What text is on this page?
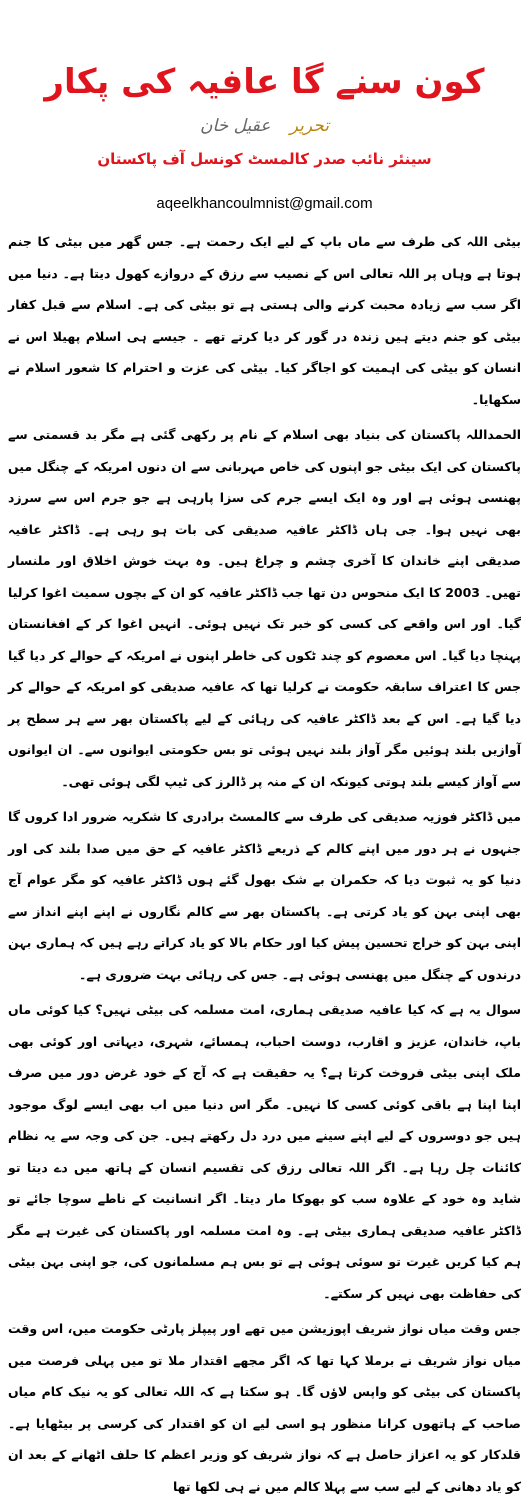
کون سنے گا عافیہ کی پکار
تحریر عقیل خان
سینئر نائب صدر کالمسٹ کونسل آف پاکستان
aqeelkhancoulmnist@gmail.com

بیٹی اللہ کی طرف سے ماں باپ کے لیے ایک رحمت ہے۔ جس گھر میں بیٹی کا جنم ہوتا ہے وہاں پر اللہ تعالی اس کے نصیب سے رزق کے دروازے کھول دیتا ہے۔ دنیا میں اگر سب سے زیادہ محبت کرنے والی ہستی ہے تو بیٹی کی ہے۔ اسلام سے قبل کفار بیٹی کو جنم دیتے ہیں زندہ در گور کر دیا کرتے تھے ۔ جیسے ہی اسلام پھیلا اس نے انسان کو بیٹی کی اہمیت کو اجاگر کیا۔ بیٹی کی عزت و احترام کا شعور اسلام نے سکھایا۔

الحمداللہ پاکستان کی بنیاد بھی اسلام کے نام پر رکھی گئی ہے مگر بد قسمتی سے پاکستان کی ایک بیٹی جو اپنوں کی خاص مہربانی سے ان دنوں امریکہ کے چنگل میں پھنسی ہوئی ہے اور وہ ایک ایسے جرم کی سزا پارہی ہے جو جرم اس سے سرزد بھی نہیں ہوا۔ جی ہاں ڈاکٹر عافیہ صدیقی کی بات ہو رہی ہے۔ ڈاکٹر عافیہ صدیقی اپنے خاندان کا آخری چشم و چراغ ہیں۔ وہ بہت خوش اخلاق اور ملنسار تھیں۔ 2003 کا ایک منحوس دن تھا جب ڈاکٹر عافیہ کو ان کے بچوں سمیت اغوا کرلیا گیا۔ اور اس واقعے کی کسی کو خبر تک نہیں ہوئی۔ انہیں اغوا کر کے افغانستان پہنچا دیا گیا۔ اس معصوم کو چند ٹکوں کی خاطر اپنوں نے امریکہ کے حوالے کر دیا گیا جس کا اعتراف سابقہ حکومت نے کرلیا تھا کہ عافیہ صدیقی کو امریکہ کے حوالے کر دیا گیا ہے۔ اس کے بعد ڈاکٹر عافیہ کی رہائی کے لیے پاکستان بھر سے ہر سطح پر آوازیں بلند ہوئیں مگر آواز بلند نہیں ہوئی تو بس حکومتی ایوانوں سے۔ ان ایوانوں سے آواز کیسے بلند ہوتی کیونکہ ان کے منہ پر ڈالرز کی ٹیپ لگی ہوئی تھی۔

میں ڈاکٹر فوزیہ صدیقی کی طرف سے کالمسٹ برادری کا شکریہ ضرور ادا کروں گا جنہوں نے ہر دور میں اپنے کالم کے ذریعے ڈاکٹر عافیہ کے حق میں صدا بلند کی اور دنیا کو یہ ثبوت دیا کہ حکمران بے شک بھول گئے ہوں ڈاکٹر عافیہ کو مگر عوام آج بھی اپنی بہن کو یاد کرتی ہے۔ پاکستان بھر سے کالم نگاروں نے اپنے اپنے انداز سے اپنی بہن کو خراج تحسین پیش کیا اور حکام بالا کو یاد کراتے رہے ہیں کہ ہماری بہن درندوں کے چنگل میں پھنسی ہوئی ہے۔ جس کی رہائی بہت ضروری ہے۔

سوال یہ ہے کہ کیا عافیہ صدیقی ہماری، امت مسلمہ کی بیٹی نہیں؟ کیا کوئی ماں باپ، خاندان، عزیز و اقارب، دوست احباب، ہمسائے، شہری، دیہاتی اور کوئی بھی ملک اپنی بیٹی فروخت کرتا ہے؟ یہ حقیقت ہے کہ آج کے خود غرض دور میں صرف اپنا اپنا ہے باقی کوئی کسی کا نہیں۔ مگر اس دنیا میں اب بھی ایسے لوگ موجود ہیں جو دوسروں کے لیے اپنے سینے میں درد دل رکھتے ہیں۔ جن کی وجہ سے یہ نظام کائنات چل رہا ہے۔ اگر اللہ تعالی رزق کی تقسیم انسان کے ہاتھ میں دے دیتا تو شاید وہ خود کے علاوہ سب کو بھوکا مار دیتا۔ اگر انسانیت کے ناطے سوچا جائے تو ڈاکٹر عافیہ صدیقی ہماری بیٹی ہے۔ وہ امت مسلمہ اور پاکستان کی غیرت ہے مگر ہم کیا کریں غیرت تو سوئی ہوئی ہے تو بس ہم مسلمانوں کی، جو اپنی بہن بیٹی کی حفاظت بھی نہیں کر سکتے۔

جس وقت میاں نواز شریف اپوزیشن میں تھے اور پیپلز پارٹی حکومت میں، اس وقت میاں نواز شریف نے برملا کہا تھا کہ اگر مجھے اقتدار ملا تو میں پہلی فرصت میں پاکستان کی بیٹی کو واپس لاؤں گا۔ ہو سکتا ہے کہ اللہ تعالی کو یہ نیک کام میاں صاحب کے ہاتھوں کرانا منظور ہو اسی لیے ان کو اقتدار کی کرسی پر بیٹھایا ہے۔ قلدکار کو یہ اعزاز حاصل ہے کہ نواز شریف کو وزیر اعظم کا حلف اٹھانے کے بعد ان کو یاد دھانی کے لیے سب سے پہلا کالم میں نے ہی لکھا تھا
